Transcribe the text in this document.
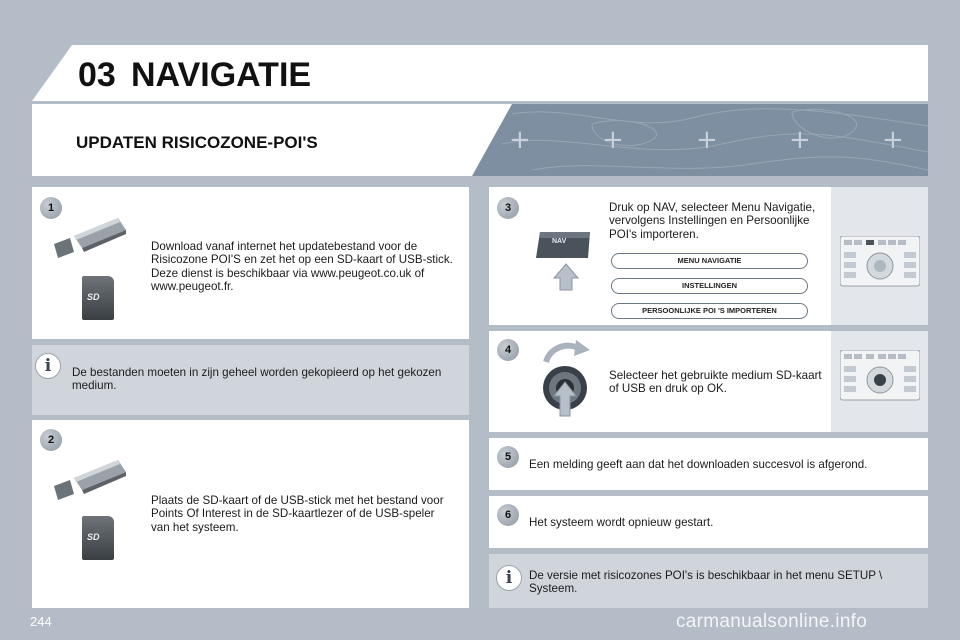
03 NAVIGATIE
UPDATEN RISICOZONE-POI'S	+	+	+	+	+
1
SD
Download vanaf internet het updatebestand voor de Risicozone POI'S en zet het op een SD-kaart of USB-stick. Deze dienst is beschikbaar via www.peugeot.co.uk of www.peugeot.fr.
i	De bestanden moeten in zijn geheel worden gekopieerd op het gekozen medium.
2
SD
Plaats de SD-kaart of de USB-stick met het bestand voor Points Of Interest in de SD-kaartlezer of de USB-speler van het systeem.
3
NAV
Druk op NAV, selecteer Menu Navigatie, vervolgens Instellingen en Persoonlijke POI's importeren.
MENU NAVIGATIE
INSTELLINGEN
PERSOONLIJKE POI 'S IMPORTEREN
4
Selecteer het gebruikte medium SD-kaart of USB en druk op OK.
5
Een melding geeft aan dat het downloaden succesvol is afgerond.
6
Het systeem wordt opnieuw gestart.
i	De versie met risicozones POI's is beschikbaar in het menu SETUP \ Systeem.
244	carmanualsonline.info
